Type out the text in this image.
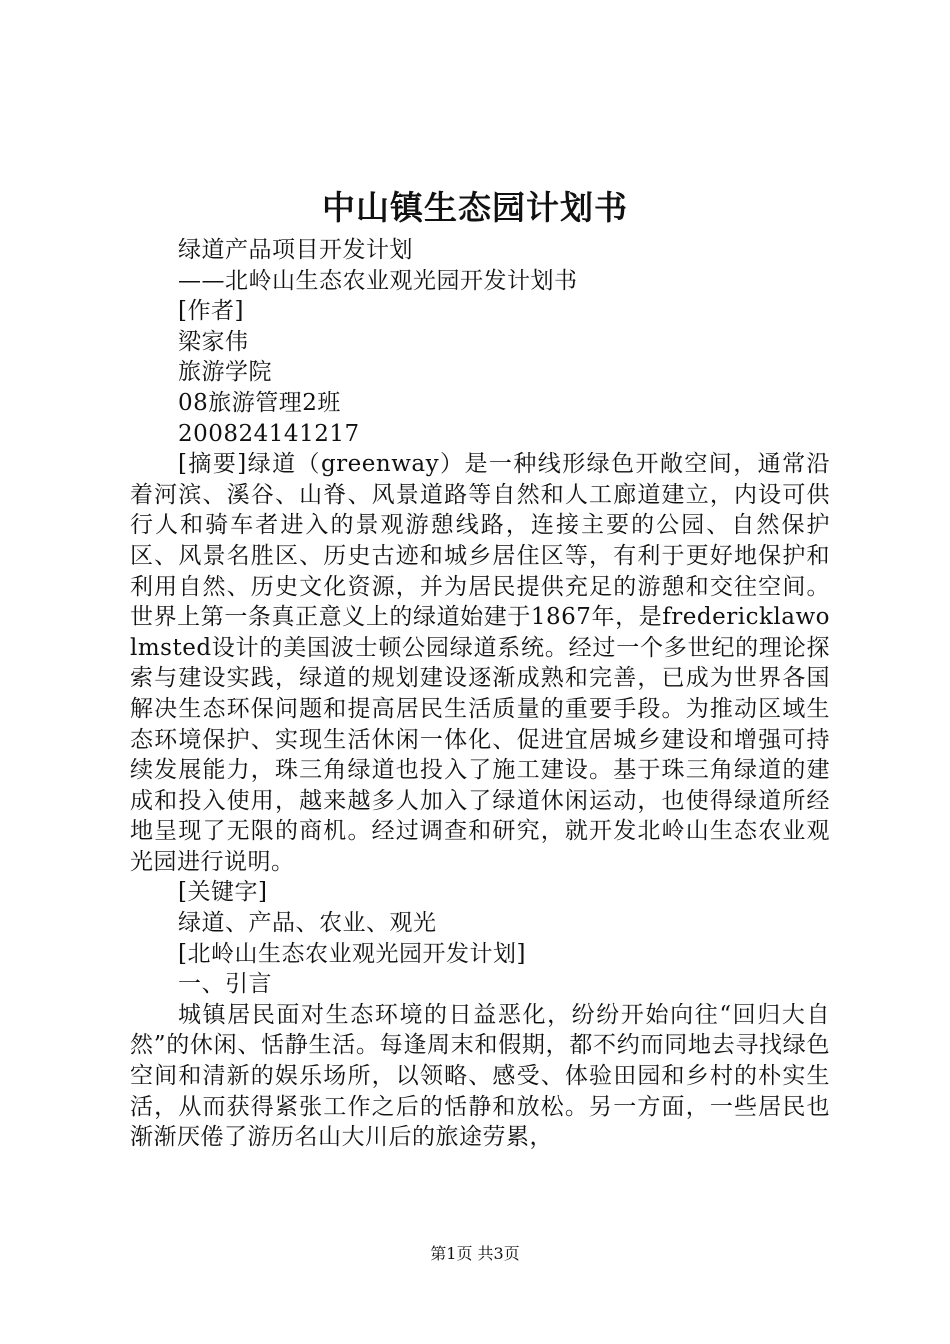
中山镇生态园计划书
绿道产品项目开发计划
——北岭山生态农业观光园开发计划书
[作者]
梁家伟
旅游学院
08旅游管理2班
200824141217

[摘要]绿道（greenway）是一种线形绿色开敞空间，通常沿着河滨、溪谷、山脊、风景道路等自然和人工廊道建立，内设可供行人和骑车者进入的景观游憩线路，连接主要的公园、自然保护区、风景名胜区、历史古迹和城乡居住区等，有利于更好地保护和利用自然、历史文化资源，并为居民提供充足的游憩和交往空间。世界上第一条真正意义上的绿道始建于1867年，是fredericklawolmsted设计的美国波士顿公园绿道系统。经过一个多世纪的理论探索与建设实践，绿道的规划建设逐渐成熟和完善，已成为世界各国解决生态环保问题和提高居民生活质量的重要手段。为推动区域生态环境保护、实现生活休闲一体化、促进宜居城乡建设和增强可持续发展能力，珠三角绿道也投入了施工建设。基于珠三角绿道的建成和投入使用，越来越多人加入了绿道休闲运动，也使得绿道所经地呈现了无限的商机。经过调查和研究，就开发北岭山生态农业观光园进行说明。

[关键字]
绿道、产品、农业、观光
[北岭山生态农业观光园开发计划]
一、引言

城镇居民面对生态环境的日益恶化，纷纷开始向往“回归大自然”的休闲、恬静生活。每逢周末和假期，都不约而同地去寻找绿色空间和清新的娱乐场所，以领略、感受、体验田园和乡村的朴实生活，从而获得紧张工作之后的恬静和放松。另一方面，一些居民也渐渐厌倦了游历名山大川后的旅途劳累，

第1页 共3页
